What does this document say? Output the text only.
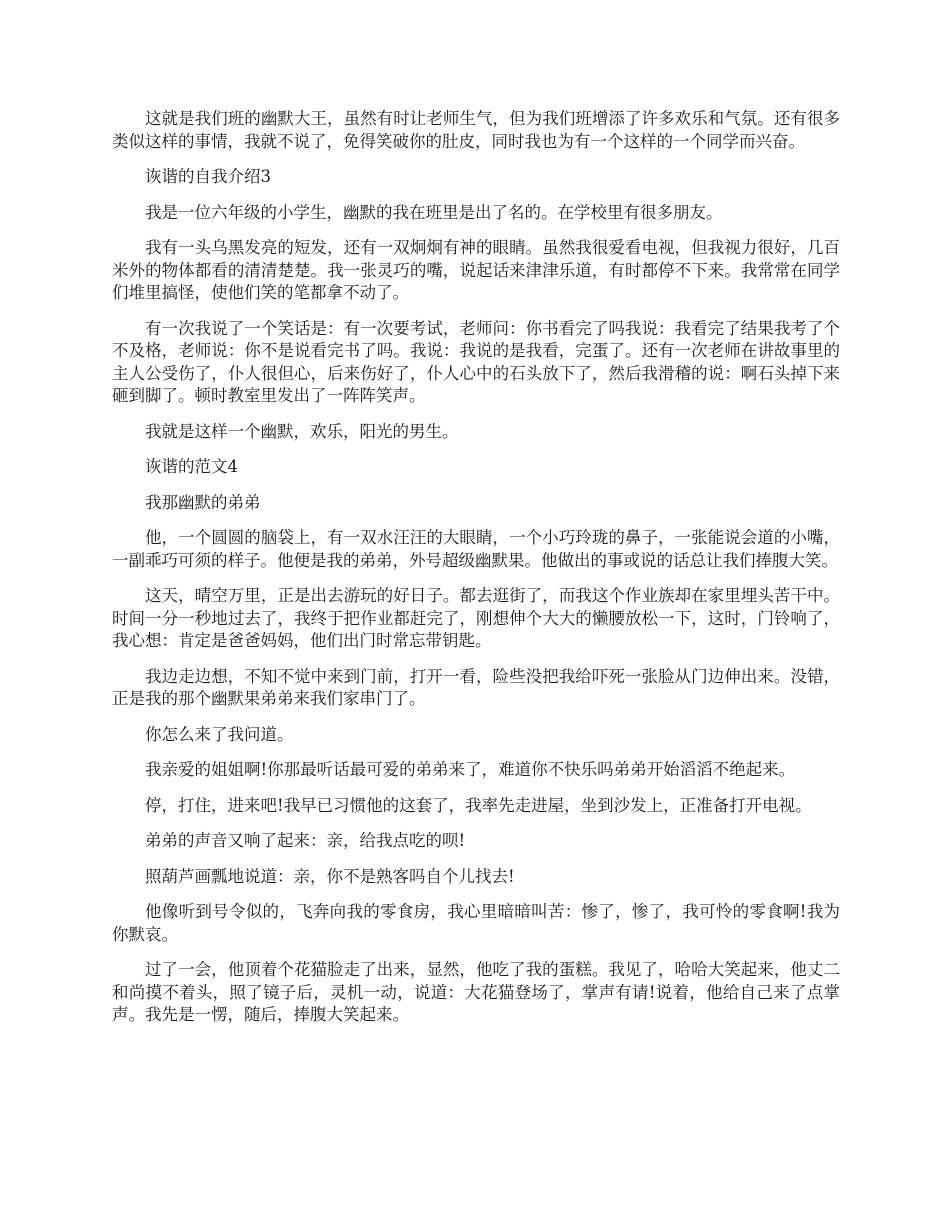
这就是我们班的幽默大王，虽然有时让老师生气，但为我们班增添了许多欢乐和气氛。还有很多类似这样的事情，我就不说了，免得笑破你的肚皮，同时我也为有一个这样的一个同学而兴奋。

诙谐的自我介绍3

我是一位六年级的小学生，幽默的我在班里是出了名的。在学校里有很多朋友。

我有一头乌黑发亮的短发，还有一双炯炯有神的眼睛。虽然我很爱看电视，但我视力很好，几百米外的物体都看的清清楚楚。我一张灵巧的嘴，说起话来津津乐道，有时都停不下来。我常常在同学们堆里搞怪，使他们笑的笔都拿不动了。

有一次我说了一个笑话是：有一次要考试，老师问：你书看完了吗我说：我看完了结果我考了个不及格，老师说：你不是说看完书了吗。我说：我说的是我看，完蛋了。还有一次老师在讲故事里的主人公受伤了，仆人很但心，后来伤好了，仆人心中的石头放下了，然后我滑稽的说：啊石头掉下来砸到脚了。顿时教室里发出了一阵阵笑声。

我就是这样一个幽默，欢乐，阳光的男生。

诙谐的范文4

我那幽默的弟弟

他，一个圆圆的脑袋上，有一双水汪汪的大眼睛，一个小巧玲珑的鼻子，一张能说会道的小嘴，一副乖巧可须的样子。他便是我的弟弟，外号超级幽默果。他做出的事或说的话总让我们捧腹大笑。

这天，晴空万里，正是出去游玩的好日子。都去逛街了，而我这个作业族却在家里埋头苦干中。时间一分一秒地过去了，我终于把作业都赶完了，刚想伸个大大的懒腰放松一下，这时，门铃响了，我心想：肯定是爸爸妈妈，他们出门时常忘带钥匙。

我边走边想，不知不觉中来到门前，打开一看，险些没把我给吓死一张脸从门边伸出来。没错，正是我的那个幽默果弟弟来我们家串门了。

你怎么来了我问道。

我亲爱的姐姐啊!你那最听话最可爱的弟弟来了，难道你不快乐吗弟弟开始滔滔不绝起来。

停，打住，进来吧!我早已习惯他的这套了，我率先走进屋，坐到沙发上，正准备打开电视。

弟弟的声音又响了起来：亲，给我点吃的呗!

照葫芦画瓢地说道：亲，你不是熟客吗自个儿找去!

他像听到号令似的，飞奔向我的零食房，我心里暗暗叫苦：惨了，惨了，我可怜的零食啊!我为你默哀。

过了一会，他顶着个花猫脸走了出来，显然，他吃了我的蛋糕。我见了，哈哈大笑起来，他丈二和尚摸不着头，照了镜子后，灵机一动，说道：大花猫登场了，掌声有请!说着，他给自己来了点掌声。我先是一愣，随后，捧腹大笑起来。
